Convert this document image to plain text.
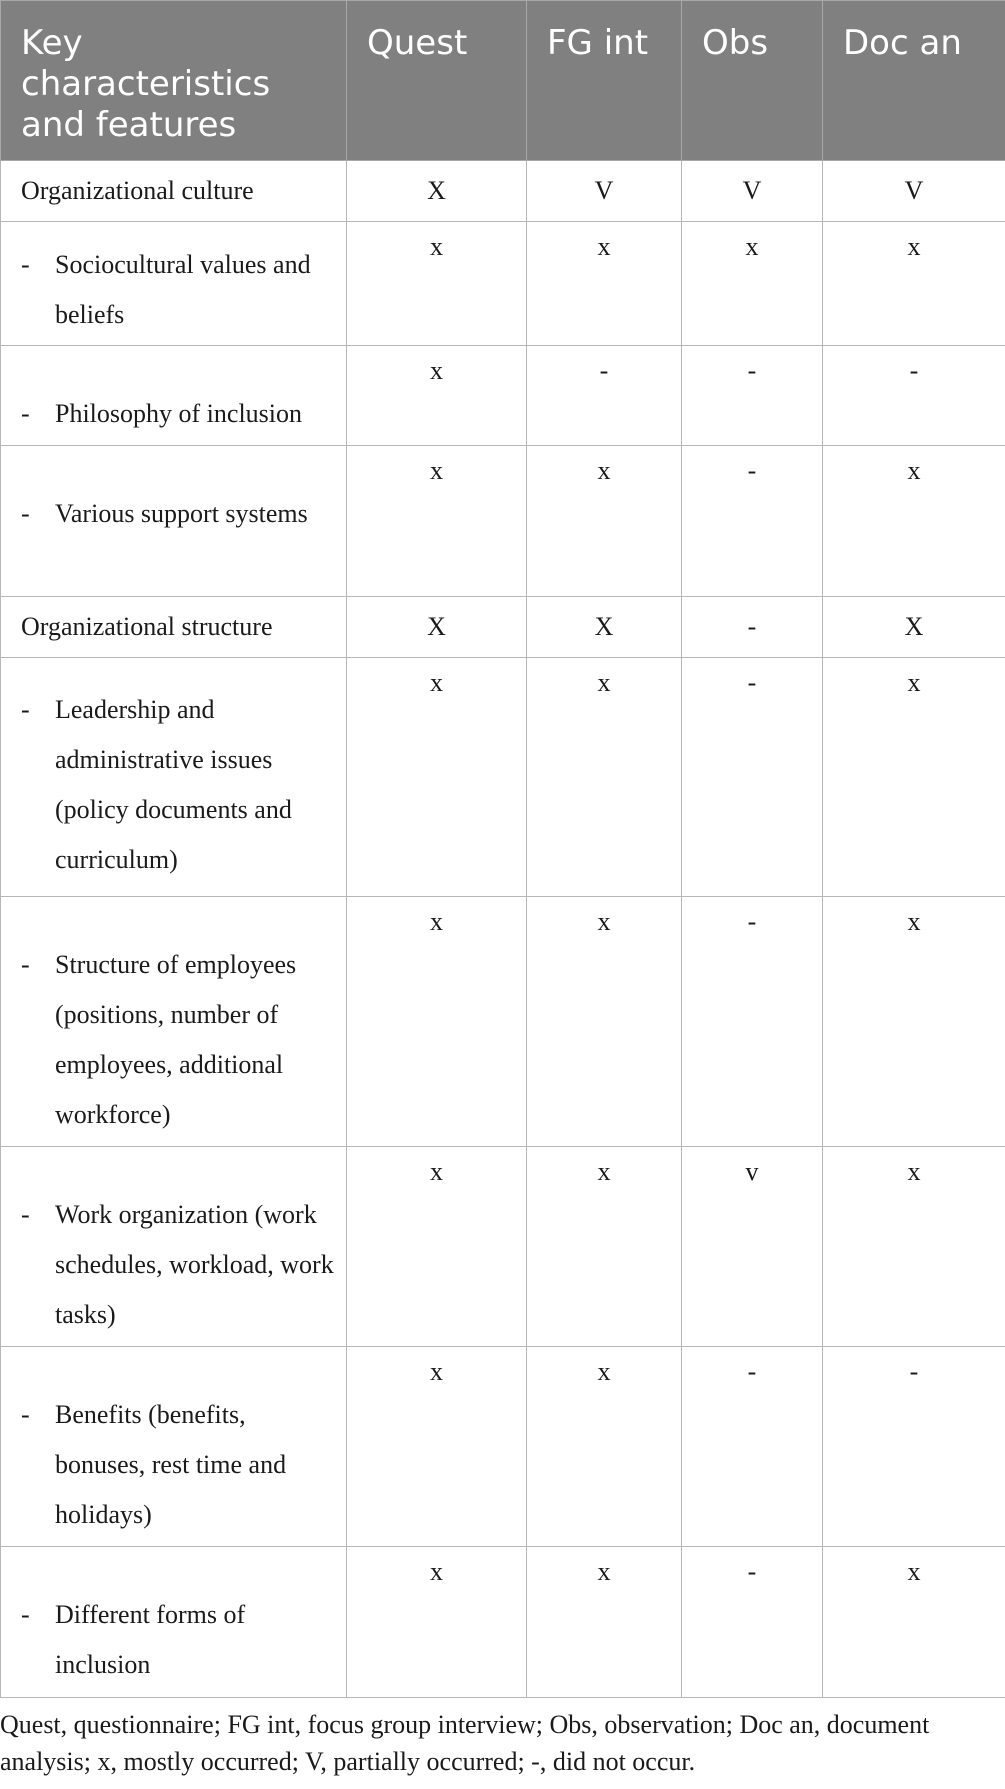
Key characteristics and features	Quest	FG int	Obs	Doc an
Organizational culture	X	V	V	V

- Sociocultural values and beliefs	x	x	x	x

- Philosophy of inclusion	x	-	-	-

- Various support systems	x	x	-	x
Organizational structure	X	X	-	X

- Leadership and administrative issues (policy documents and curriculum)	x	x	-	x

- Structure of employees (positions, number of employees, additional workforce)	x	x	-	x

- Work organization (work schedules, workload, work tasks)	x	x	v	x

- Benefits (benefits, bonuses, rest time and holidays)	x	x	-	-

- Different forms of inclusion	x	x	-	x
Quest, questionnaire; FG int, focus group interview; Obs, observation; Doc an, document analysis; x, mostly occurred; V, partially occurred; -, did not occur.
